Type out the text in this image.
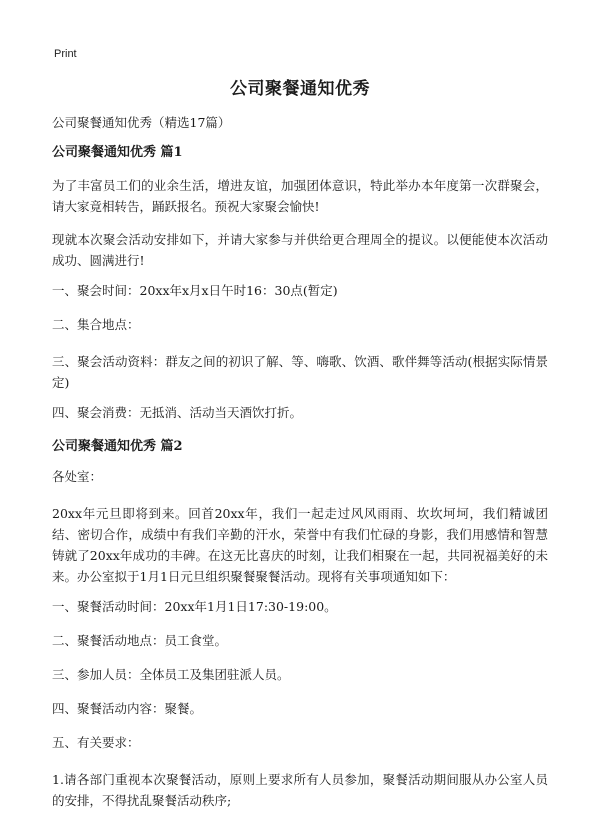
Print
公司聚餐通知优秀
公司聚餐通知优秀（精选17篇）
公司聚餐通知优秀 篇1
为了丰富员工们的业余生活，增进友谊，加强团体意识，特此举办本年度第一次群聚会，请大家竟相转告，踊跃报名。预祝大家聚会愉快!
现就本次聚会活动安排如下，并请大家参与并供给更合理周全的提议。以便能使本次活动成功、圆满进行!
一、聚会时间：20xx年x月x日午时16：30点(暂定)
二、集合地点：
三、聚会活动资料：群友之间的初识了解、等、嗨歌、饮酒、歌伴舞等活动(根据实际情景定)
四、聚会消费：无抵消、活动当天酒饮打折。
公司聚餐通知优秀 篇2
各处室：
20xx年元旦即将到来。回首20xx年，我们一起走过风风雨雨、坎坎坷坷，我们精诚团结、密切合作，成绩中有我们辛勤的汗水，荣誉中有我们忙碌的身影，我们用感情和智慧铸就了20xx年成功的丰碑。在这无比喜庆的时刻，让我们相聚在一起，共同祝福美好的未来。办公室拟于1月1日元旦组织聚餐聚餐活动。现将有关事项通知如下：
一、聚餐活动时间：20xx年1月1日17:30-19:00。
二、聚餐活动地点：员工食堂。
三、参加人员：全体员工及集团驻派人员。
四、聚餐活动内容：聚餐。
五、有关要求：
1.请各部门重视本次聚餐活动，原则上要求所有人员参加，聚餐活动期间服从办公室人员的安排，不得扰乱聚餐活动秩序;
